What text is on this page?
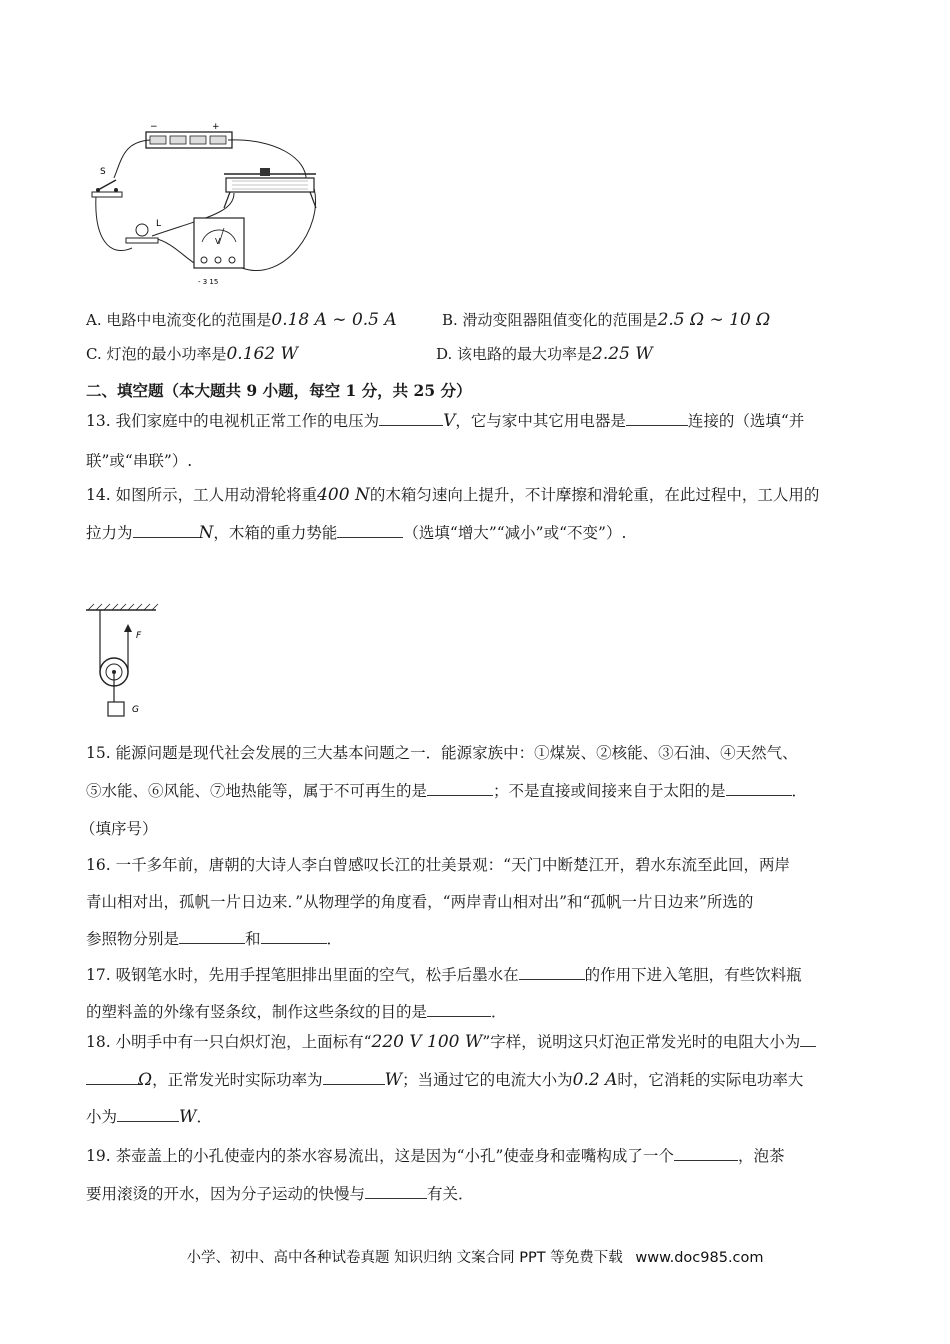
−	+
S
L
V
- 3 15
A. 电路中电流变化的范围是0.18 A ∼ 0.5 A	B. 滑动变阻器阻值变化的范围是2.5 Ω ∼ 10 Ω
C. 灯泡的最小功率是0.162 W	D. 该电路的最大功率是2.25 W
二、填空题（本大题共 9 小题，每空 1 分，共 25 分）
13. 我们家庭中的电视机正常工作的电压为	V，它与家中其它用电器是	连接的（选填“并
联”或“串联”）.
14. 如图所示，工人用动滑轮将重400 N的木箱匀速向上提升，不计摩擦和滑轮重，在此过程中，工人用的
拉力为	N，木箱的重力势能	（选填“增大”“减小”或“不变”）.
F
G
15. 能源问题是现代社会发展的三大基本问题之一．能源家族中：①煤炭、②核能、③石油、④天然气、
⑤水能、⑥风能、⑦地热能等，属于不可再生的是	；不是直接或间接来自于太阳的是	．
（填序号）
16. 一千多年前，唐朝的大诗人李白曾感叹长江的壮美景观：“天门中断楚江开，碧水东流至此回，两岸
青山相对出，孤帆一片日边来．”从物理学的角度看，“两岸青山相对出”和“孤帆一片日边来”所选的
参照物分别是	和	．
17. 吸钢笔水时，先用手捏笔胆排出里面的空气，松手后墨水在	的作用下进入笔胆，有些饮料瓶
的塑料盖的外缘有竖条纹，制作这些条纹的目的是	．
18. 小明手中有一只白炽灯泡，上面标有“220 V 100 W”字样，说明这只灯泡正常发光时的电阻大小为
Ω，正常发光时实际功率为	W；当通过它的电流大小为0.2 A时，它消耗的实际电功率大
小为	W．
19. 茶壶盖上的小孔使壶内的茶水容易流出，这是因为“小孔”使壶身和壶嘴构成了一个	，泡茶
要用滚烫的开水，因为分子运动的快慢与	有关．
小学、初中、高中各种试卷真题 知识归纳 文案合同 PPT 等免费下载 www.doc985.com
